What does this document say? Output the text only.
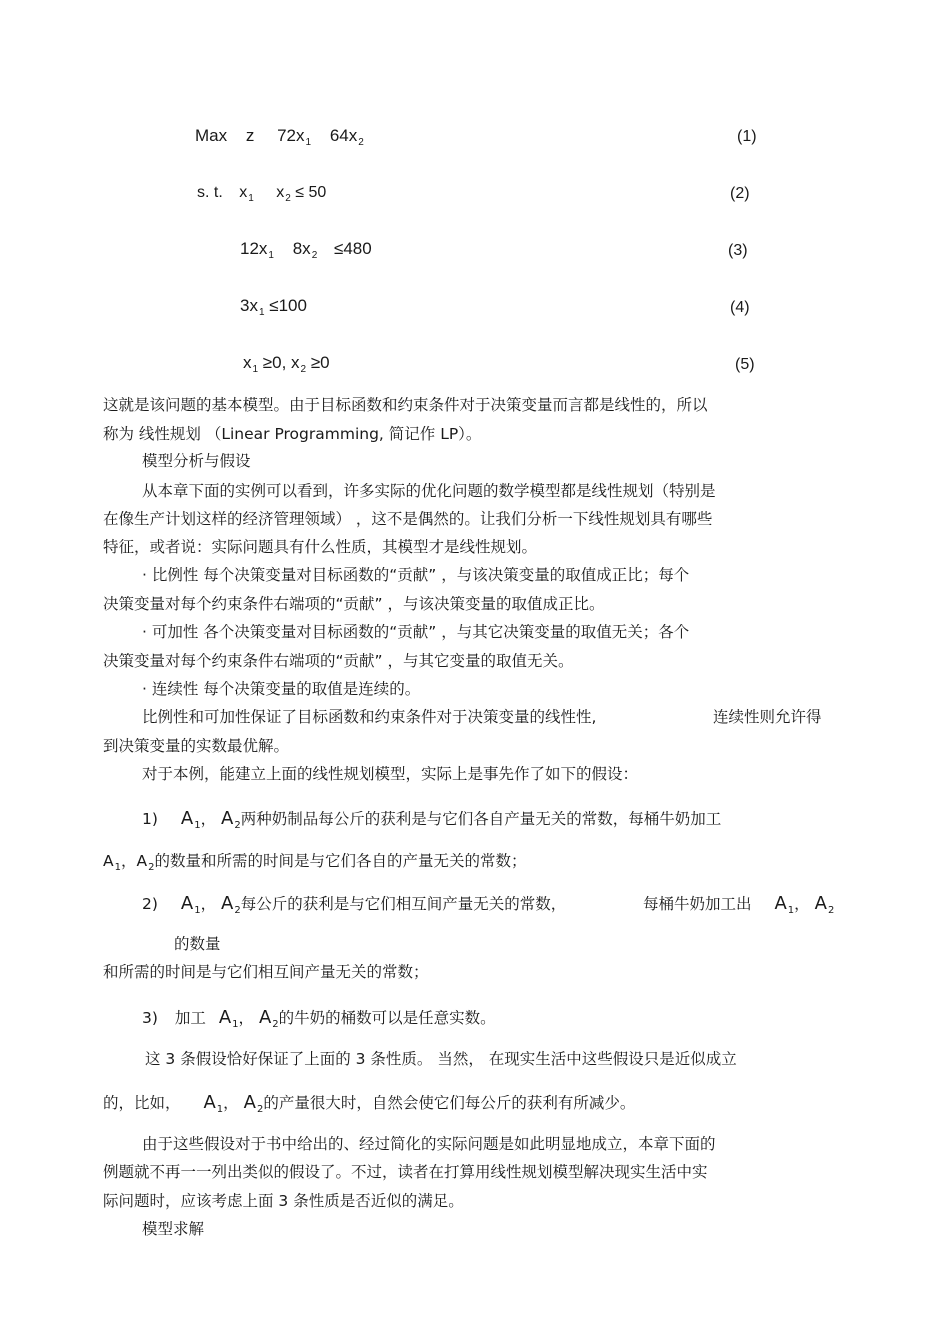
Max z $72x_1$ $64x_2$	(1)
s. t. $x_1$ $x_2 \le 50$	(2)
$12x_1$ $8x_2 \le 480$	(3)
$3x_1 \le 100$	(4)
$x_1 \ge 0$, $x_2 \ge 0$	(5)
这就是该问题的基本模型。由于目标函数和约束条件对于决策变量而言都是线性的，所以
称为 线性规划 （Linear Programming, 简记作 LP）。
模型分析与假设
从本章下面的实例可以看到，许多实际的优化问题的数学模型都是线性规划（特别是
在像生产计划这样的经济管理领域） ，这不是偶然的。让我们分析一下线性规划具有哪些
特征，或者说：实际问题具有什么性质，其模型才是线性规划。
· 比例性 每个决策变量对目标函数的“贡献” ，与该决策变量的取值成正比；每个
决策变量对每个约束条件右端项的“贡献” ，与该决策变量的取值成正比。
· 可加性 各个决策变量对目标函数的“贡献” ，与其它决策变量的取值无关；各个
决策变量对每个约束条件右端项的“贡献” ，与其它变量的取值无关。
· 连续性 每个决策变量的取值是连续的。
比例性和可加性保证了目标函数和约束条件对于决策变量的线性性,	连续性则允许得
到决策变量的实数最优解。
对于本例，能建立上面的线性规划模型，实际上是事先作了如下的假设：
1) $A_1$， $A_2$两种奶制品每公斤的获利是与它们各自产量无关的常数，每桶牛奶加工
$A_1$，$A_2$的数量和所需的时间是与它们各自的产量无关的常数；
2) $A_1$， $A_2$每公斤的获利是与它们相互间产量无关的常数，	每桶牛奶加工出 $A_1$， $A_2$
的数量
和所需的时间是与它们相互间产量无关的常数；
3) 加工 $A_1$， $A_2$的牛奶的桶数可以是任意实数。
这 3 条假设恰好保证了上面的 3 条性质。 当然， 在现实生活中这些假设只是近似成立
的，比如， $A_1$， $A_2$的产量很大时，自然会使它们每公斤的获利有所减少。
由于这些假设对于书中给出的、经过简化的实际问题是如此明显地成立，本章下面的
例题就不再一一列出类似的假设了。不过，读者在打算用线性规划模型解决现实生活中实
际问题时，应该考虑上面 3 条性质是否近似的满足。
模型求解
